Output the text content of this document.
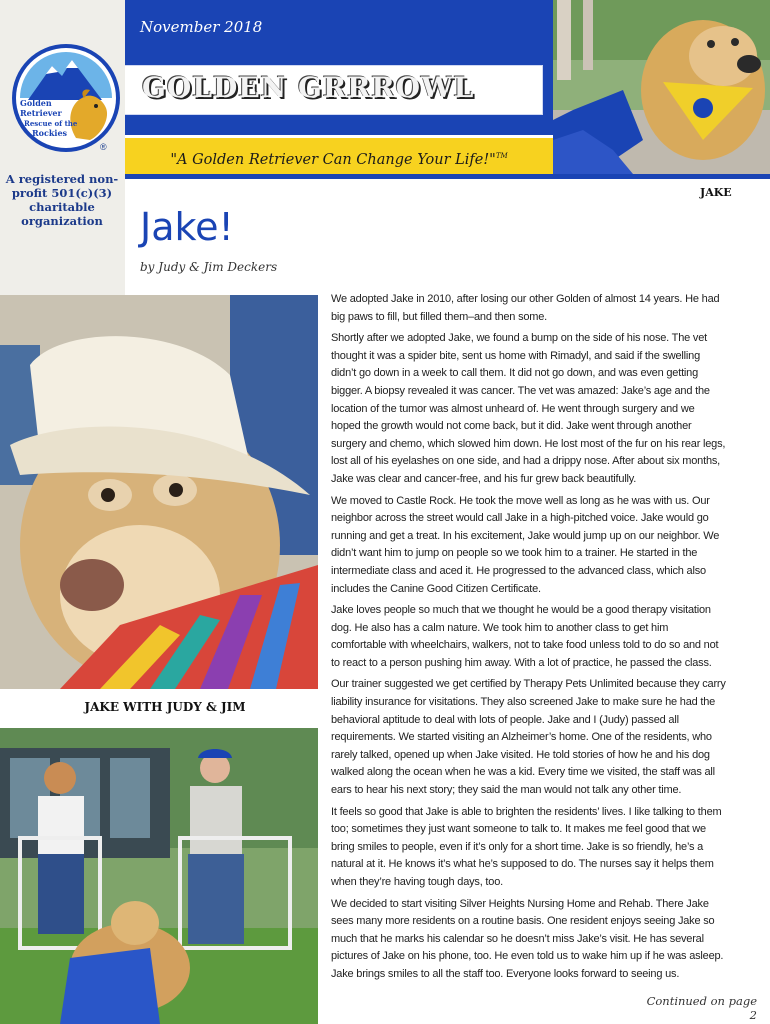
Golden
Retriever
Rescue of the
Rockies
®
A registered non-profit 501(c)(3) charitable organization
November 2018
GOLDEN GRRROWL
"A Golden Retriever Can Change Your Life!"™
JAKE
Jake!
by Judy & Jim Deckers
JAKE WITH JUDY & JIM

We adopted Jake in 2010, after losing our other Golden of almost 14 years. He had big paws to fill, but filled them–and then some.

Shortly after we adopted Jake, we found a bump on the side of his nose. The vet thought it was a spider bite, sent us home with Rimadyl, and said if the swelling didn’t go down in a week to call them. It did not go down, and was even getting bigger. A biopsy revealed it was cancer. The vet was amazed: Jake’s age and the location of the tumor was almost unheard of. He went through surgery and we hoped the growth would not come back, but it did. Jake went through another surgery and chemo, which slowed him down. He lost most of the fur on his rear legs, lost all of his eyelashes on one side, and had a drippy nose. After about six months, Jake was clear and cancer-free, and his fur grew back beautifully.

We moved to Castle Rock. He took the move well as long as he was with us. Our neighbor across the street would call Jake in a high-pitched voice. Jake would go running and get a treat. In his excitement, Jake would jump up on our neighbor. We didn’t want him to jump on people so we took him to a trainer. He started in the intermediate class and aced it. He progressed to the advanced class, which also includes the Canine Good Citizen Certificate.

Jake loves people so much that we thought he would be a good therapy visitation dog. He also has a calm nature. We took him to another class to get him comfortable with wheelchairs, walkers, not to take food unless told to do so and not to react to a person pushing him away. With a lot of practice, he passed the class.

Our trainer suggested we get certified by Therapy Pets Unlimited because they carry liability insurance for visitations. They also screened Jake to make sure he had the behavioral aptitude to deal with lots of people. Jake and I (Judy) passed all requirements. We started visiting an Alzheimer’s home. One of the residents, who rarely talked, opened up when Jake visited. He told stories of how he and his dog walked along the ocean when he was a kid. Every time we visited, the staff was all ears to hear his next story; they said the man would not talk any other time.

It feels so good that Jake is able to brighten the residents’ lives. I like talking to them too; sometimes they just want someone to talk to. It makes me feel good that we bring smiles to people, even if it’s only for a short time. Jake is so friendly, he’s a natural at it. He knows it’s what he’s supposed to do. The nurses say it helps them when they’re having tough days, too.

We decided to start visiting Silver Heights Nursing Home and Rehab. There Jake sees many more residents on a routine basis. One resident enjoys seeing Jake so much that he marks his calendar so he doesn’t miss Jake’s visit. He has several pictures of Jake on his phone, too. He even told us to wake him up if he was asleep. Jake brings smiles to all the staff too. Everyone looks forward to seeing us.

Continued on page 2
